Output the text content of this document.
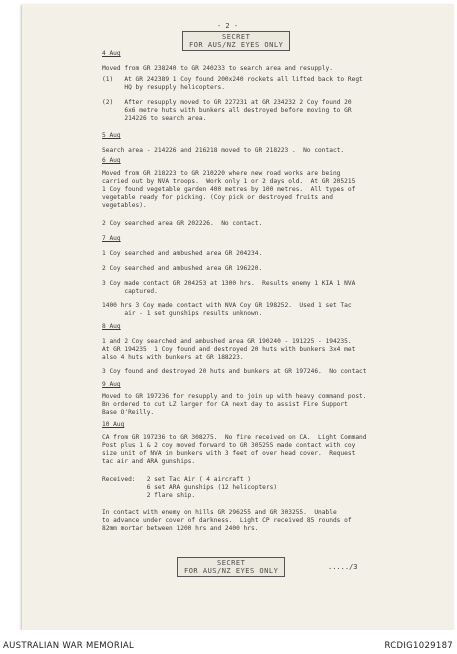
- 2 -
SECRET
FOR AUS/NZ EYES ONLY
4 Aug
Moved from GR 238240 to GR 240233 to search area and resupply.
(1)   At GR 242389 1 Coy found 200x240 rockets all lifted back to Regt
HQ by resupply helicopters.
(2)   After resupply moved to GR 227231 at GR 234232 2 Coy found 20
6x6 metre huts with bunkers all destroyed before moving to GR
214226 to search area.
5 Aug
Search area - 214226 and 216218 moved to GR 218223 .  No contact.
6 Aug
Moved from GR 218223 to GR 210220 where new road works are being
carried out by NVA troops.  Work only 1 or 2 days old.  At GR 205215
1 Coy found vegetable garden 400 metres by 100 metres.  All types of
vegetable ready for picking. (Coy pick or destroyed fruits and
vegetables).
2 Coy searched area GR 202226.  No contact.
7 Aug
1 Coy searched and ambushed area GR 204234.
2 Coy searched and ambushed area GR 196220.
3 Coy made contact GR 204253 at 1300 hrs.  Results enemy 1 KIA 1 NVA
captured.
1400 hrs 3 Coy made contact with NVA Coy GR 198252.  Used 1 set Tac
air - 1 set gunships results unknown.
8 Aug
1 and 2 Coy searched and ambushed area GR 190240 - 191225 - 194235.
At GR 194235  1 Coy found and destroyed 20 huts with bunkers 3x4 met
also 4 huts with bunkers at GR 188223.
3 Coy found and destroyed 20 huts and bunkers at GR 197246.  No contact
9 Aug
Moved to GR 197236 for resupply and to join up with heavy command post.
Bn ordered to cut LZ larger for CA next day to assist Fire Support
Base O'Reilly.
10 Aug
CA from GR 197236 to GR 308275.  No fire received on CA.  Light Command
Post plus 1 & 2 coy moved forward to GR 305255 made contact with coy
size unit of NVA in bunkers with 3 feet of over head cover.  Request
tac air and ARA gunships.
Received:   2 set Tac Air ( 4 aircraft )
6 set ARA gunships (12 helicopters)
2 flare ship.
In contact with enemy on hills GR 296255 and GR 303255.  Unable
to advance under cover of darkness.  Light CP received 85 rounds of
82mm mortar between 1200 hrs and 2400 hrs.
SECRET
FOR AUS/NZ EYES ONLY	...../3
AUSTRALIAN WAR MEMORIAL	RCDIG1029187
